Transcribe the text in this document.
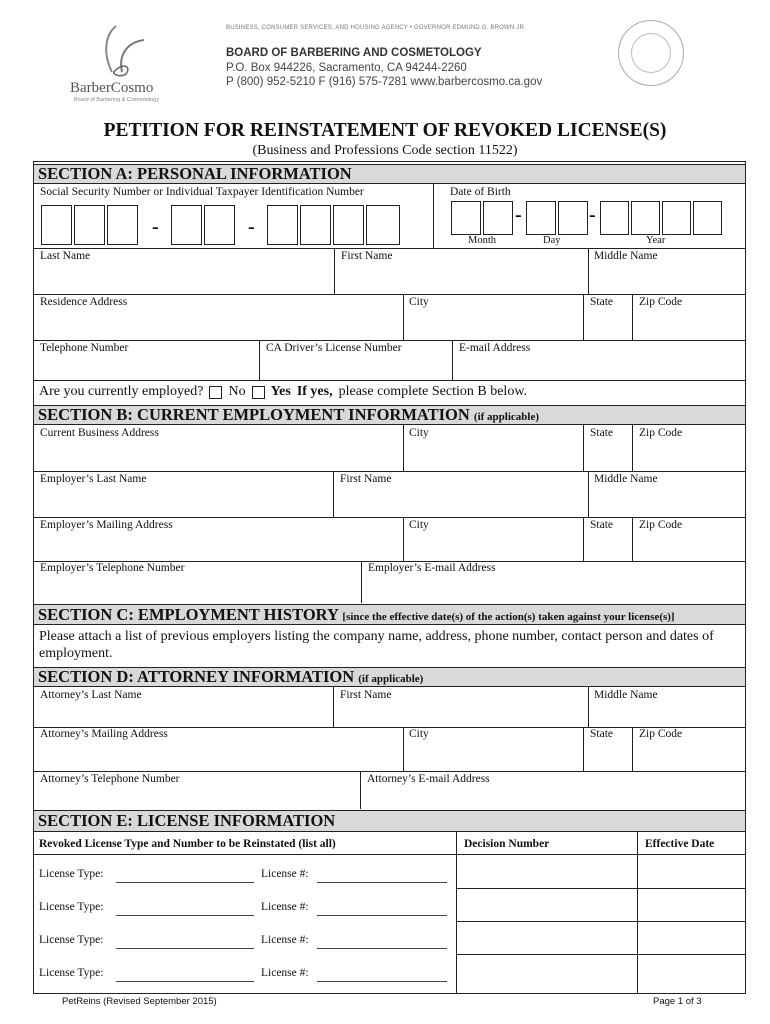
BUSINESS, CONSUMER SERVICES, AND HOUSING AGENCY • GOVERNOR EDMUND G. BROWN JR.
BOARD OF BARBERING AND COSMETOLOGY
P.O. Box 944226, Sacramento, CA 94244-2260
P (800) 952-5210 F (916) 575-7281 www.barbercosmo.ca.gov
BarberCosmo
Board of Barbering & Cosmetology
PETITION FOR REINSTATEMENT OF REVOKED LICENSE(S)
(Business and Professions Code section 11522)
SECTION A: PERSONAL INFORMATION
Social Security Number or Individual Taxpayer Identification Number	Date of Birth
-	-
-	-
Month	Day	Year
Last Name	First Name	Middle Name
Residence Address	City	State Zip Code
Telephone Number	CA Driver’s License Number	E-mail Address
Are you currently employed? No Yes If yes, please complete Section B below.
SECTION B: CURRENT EMPLOYMENT INFORMATION (if applicable)
Current Business Address	City	State Zip Code
Employer’s Last Name	First Name	Middle Name
Employer’s Mailing Address	City	State Zip Code
Employer’s Telephone Number	Employer’s E-mail Address
SECTION C: EMPLOYMENT HISTORY [since the effective date(s) of the action(s) taken against your license(s)]
Please attach a list of previous employers listing the company name, address, phone number, contact person and dates of employment.
SECTION D: ATTORNEY INFORMATION (if applicable)
Attorney’s Last Name	First Name	Middle Name
Attorney’s Mailing Address	City	State Zip Code
Attorney’s Telephone Number	Attorney’s E-mail Address
SECTION E: LICENSE INFORMATION
Revoked License Type and Number to be Reinstated (list all)	Decision Number	Effective Date
License Type:	License #:
License Type:	License #:
License Type:	License #:
License Type:	License #:
PetReins (Revised September 2015)	Page 1 of 3
